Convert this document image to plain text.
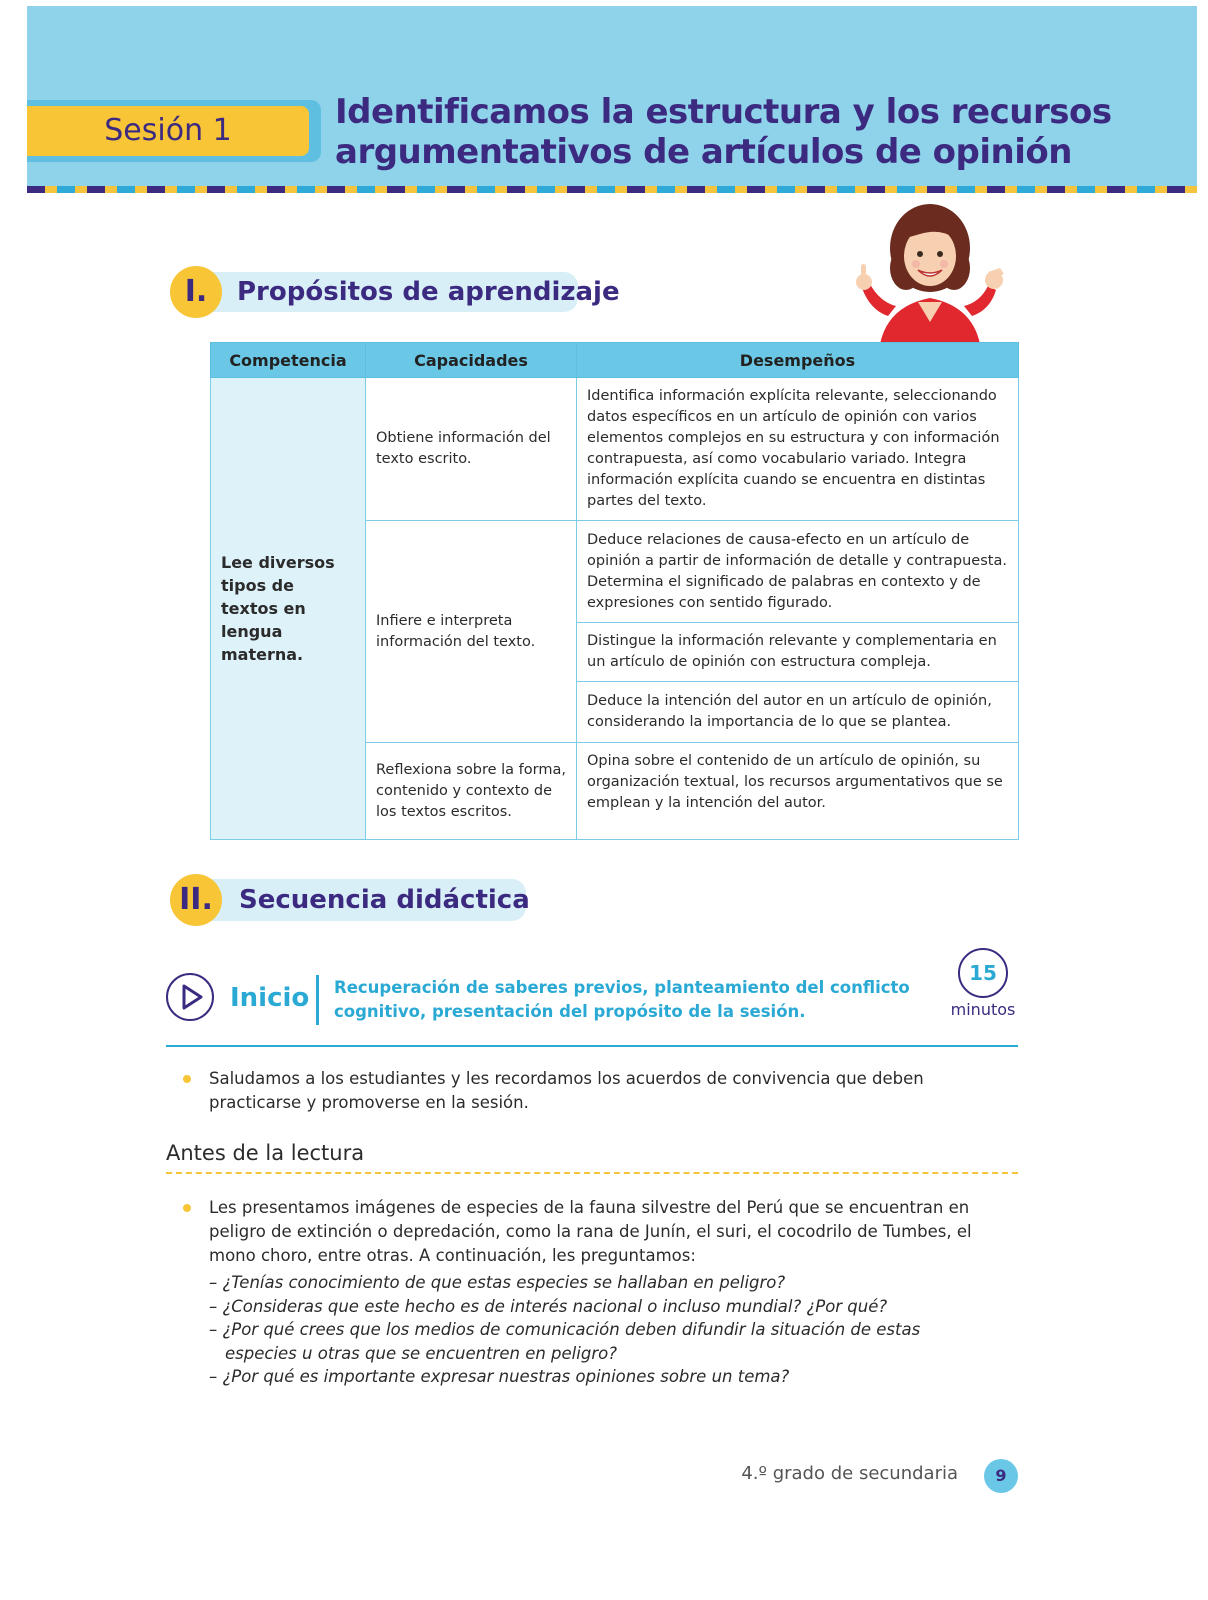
Sesión 1	Identificamos la estructura y los recursos
argumentativos de artículos de opinión
I.	Propósitos de aprendizaje
Competencia	Capacidades	Desempeños
Lee diversos tipos de textos en lengua materna.	Obtiene información del texto escrito.	Identifica información explícita relevante, seleccionando datos específicos en un artículo de opinión con varios elementos complejos en su estructura y con información contrapuesta, así como vocabulario variado. Integra información explícita cuando se encuentra en distintas partes del texto.
	Infiere e interpreta información del texto.	Deduce relaciones de causa-efecto en un artículo de opinión a partir de información de detalle y contrapuesta. Determina el significado de palabras en contexto y de expresiones con sentido figurado.
		Distingue la información relevante y complementaria en un artículo de opinión con estructura compleja.
		Deduce la intención del autor en un artículo de opinión, considerando la importancia de lo que se plantea.
	Reflexiona sobre la forma, contenido y contexto de los textos escritos.	Opina sobre el contenido de un artículo de opinión, su organización textual, los recursos argumentativos que se emplean y la intención del autor.
II.	Secuencia didáctica
Inicio Recuperación de saberes previos, planteamiento del conflicto cognitivo, presentación del propósito de la sesión.
15
minutos
Saludamos a los estudiantes y les recordamos los acuerdos de convivencia que deben practicarse y promoverse en la sesión.
Antes de la lectura
Les presentamos imágenes de especies de la fauna silvestre del Perú que se encuentran en peligro de extinción o depredación, como la rana de Junín, el suri, el cocodrilo de Tumbes, el mono choro, entre otras. A continuación, les preguntamos:
– ¿Tenías conocimiento de que estas especies se hallaban en peligro?
– ¿Consideras que este hecho es de interés nacional o incluso mundial? ¿Por qué?
– ¿Por qué crees que los medios de comunicación deben difundir la situación de estas especies u otras que se encuentren en peligro?
– ¿Por qué es importante expresar nuestras opiniones sobre un tema?
4.º grado de secundaria	9
